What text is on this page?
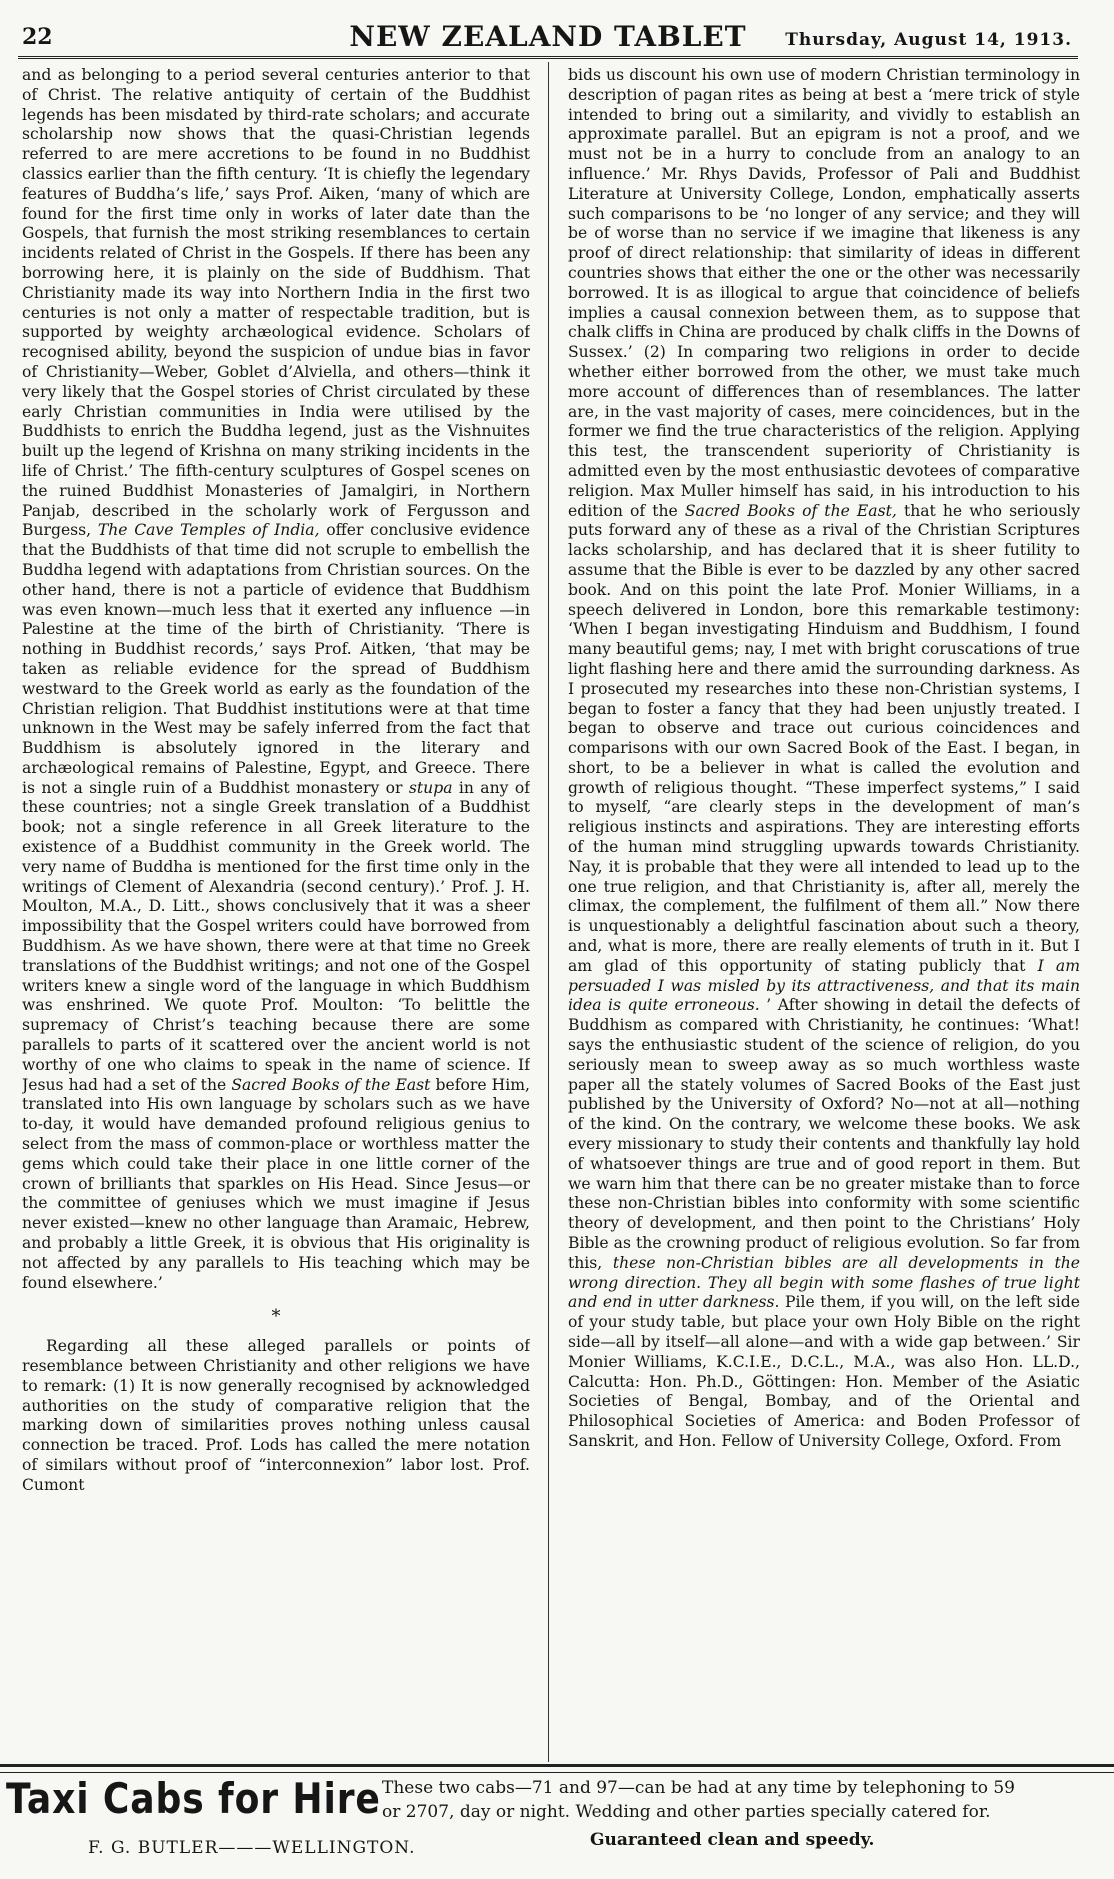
22	NEW ZEALAND TABLET	Thursday, August 14, 1913.

and as belonging to a period several centuries anterior to that of Christ. The relative antiquity of certain of the Buddhist legends has been misdated by third-rate scholars; and accurate scholarship now shows that the quasi-Christian legends referred to are mere accretions to be found in no Buddhist classics earlier than the fifth century. ‘It is chiefly the legendary features of Buddha’s life,’ says Prof. Aiken, ‘many of which are found for the first time only in works of later date than the Gospels, that furnish the most striking resemblances to certain incidents related of Christ in the Gospels. If there has been any borrowing here, it is plainly on the side of Buddhism. That Christianity made its way into Northern India in the first two centuries is not only a matter of respectable tradition, but is supported by weighty archæological evidence. Scholars of recognised ability, beyond the suspicion of undue bias in favor of Christianity—Weber, Goblet d’Alviella, and others—think it very likely that the Gospel stories of Christ circulated by these early Christian communities in India were utilised by the Buddhists to enrich the Buddha legend, just as the Vishnuites built up the legend of Krishna on many striking incidents in the life of Christ.’ The fifth-century sculptures of Gospel scenes on the ruined Buddhist Monasteries of Jamalgiri, in Northern Panjab, described in the scholarly work of Fergusson and Burgess, The Cave Temples of India, offer conclusive evidence that the Buddhists of that time did not scruple to embellish the Buddha legend with adaptations from Christian sources. On the other hand, there is not a particle of evidence that Buddhism was even known—much less that it exerted any influence —in Palestine at the time of the birth of Christianity. ‘There is nothing in Buddhist records,’ says Prof. Aitken, ‘that may be taken as reliable evidence for the spread of Buddhism westward to the Greek world as early as the foundation of the Christian religion. That Buddhist institutions were at that time unknown in the West may be safely inferred from the fact that Buddhism is absolutely ignored in the literary and archæological remains of Palestine, Egypt, and Greece. There is not a single ruin of a Buddhist monastery or stupa in any of these countries; not a single Greek translation of a Buddhist book; not a single reference in all Greek literature to the existence of a Buddhist community in the Greek world. The very name of Buddha is mentioned for the first time only in the writings of Clement of Alexandria (second century).’ Prof. J. H. Moulton, M.A., D. Litt., shows conclusively that it was a sheer impossibility that the Gospel writers could have borrowed from Buddhism. As we have shown, there were at that time no Greek translations of the Buddhist writings; and not one of the Gospel writers knew a single word of the language in which Buddhism was enshrined. We quote Prof. Moulton: ‘To belittle the supremacy of Christ’s teaching because there are some parallels to parts of it scattered over the ancient world is not worthy of one who claims to speak in the name of science. If Jesus had had a set of the Sacred Books of the East before Him, translated into His own language by scholars such as we have to-day, it would have demanded profound religious genius to select from the mass of common-place or worthless matter the gems which could take their place in one little corner of the crown of brilliants that sparkles on His Head. Since Jesus—or the committee of geniuses which we must imagine if Jesus never existed—knew no other language than Aramaic, Hebrew, and probably a little Greek, it is obvious that His originality is not affected by any parallels to His teaching which may be found elsewhere.’

*

Regarding all these alleged parallels or points of resemblance between Christianity and other religions we have to remark: (1) It is now generally recognised by acknowledged authorities on the study of comparative religion that the marking down of similarities proves nothing unless causal connection be traced. Prof. Lods has called the mere notation of similars without proof of “interconnexion” labor lost. Prof. Cumont

bids us discount his own use of modern Christian terminology in description of pagan rites as being at best a ‘mere trick of style intended to bring out a similarity, and vividly to establish an approximate parallel. But an epigram is not a proof, and we must not be in a hurry to conclude from an analogy to an influence.’ Mr. Rhys Davids, Professor of Pali and Buddhist Literature at University College, London, emphatically asserts such comparisons to be ‘no longer of any service; and they will be of worse than no service if we imagine that likeness is any proof of direct relationship: that similarity of ideas in different countries shows that either the one or the other was necessarily borrowed. It is as illogical to argue that coincidence of beliefs implies a causal connexion between them, as to suppose that chalk cliffs in China are produced by chalk cliffs in the Downs of Sussex.’ (2) In comparing two religions in order to decide whether either borrowed from the other, we must take much more account of differences than of resemblances. The latter are, in the vast majority of cases, mere coincidences, but in the former we find the true characteristics of the religion. Applying this test, the transcendent superiority of Christianity is admitted even by the most enthusiastic devotees of comparative religion. Max Muller himself has said, in his introduction to his edition of the Sacred Books of the East, that he who seriously puts forward any of these as a rival of the Christian Scriptures lacks scholarship, and has declared that it is sheer futility to assume that the Bible is ever to be dazzled by any other sacred book. And on this point the late Prof. Monier Williams, in a speech delivered in London, bore this remarkable testimony: ‘When I began investigating Hinduism and Buddhism, I found many beautiful gems; nay, I met with bright coruscations of true light flashing here and there amid the surrounding darkness. As I prosecuted my researches into these non-Christian systems, I began to foster a fancy that they had been unjustly treated. I began to observe and trace out curious coincidences and comparisons with our own Sacred Book of the East. I began, in short, to be a believer in what is called the evolution and growth of religious thought. “These imperfect systems,” I said to myself, “are clearly steps in the development of man’s religious instincts and aspirations. They are interesting efforts of the human mind struggling upwards towards Christianity. Nay, it is probable that they were all intended to lead up to the one true religion, and that Christianity is, after all, merely the climax, the complement, the fulfilment of them all.” Now there is unquestionably a delightful fascination about such a theory, and, what is more, there are really elements of truth in it. But I am glad of this opportunity of stating publicly that I am persuaded I was misled by its attractiveness, and that its main idea is quite erroneous. ’ After showing in detail the defects of Buddhism as compared with Christianity, he continues: ‘What! says the enthusiastic student of the science of religion, do you seriously mean to sweep away as so much worthless waste paper all the stately volumes of Sacred Books of the East just published by the University of Oxford? No—not at all—nothing of the kind. On the contrary, we welcome these books. We ask every missionary to study their contents and thankfully lay hold of whatsoever things are true and of good report in them. But we warn him that there can be no greater mistake than to force these non-Christian bibles into conformity with some scientific theory of development, and then point to the Christians’ Holy Bible as the crowning product of religious evolution. So far from this, these non-Christian bibles are all developments in the wrong direction. They all begin with some flashes of true light and end in utter darkness. Pile them, if you will, on the left side of your study table, but place your own Holy Bible on the right side—all by itself—all alone—and with a wide gap between.’ Sir Monier Williams, K.C.I.E., D.C.L., M.A., was also Hon. LL.D., Calcutta: Hon. Ph.D., Göttingen: Hon. Member of the Asiatic Societies of Bengal, Bombay, and of the Oriental and Philosophical Societies of America: and Boden Professor of Sanskrit, and Hon. Fellow of University College, Oxford. From

Taxi Cabs for Hire
F. G. BUTLER———WELLINGTON.
These two cabs—71 and 97—can be had at any time by telephoning to 59
or 2707, day or night. Wedding and other parties specially catered for.
Guaranteed clean and speedy.
